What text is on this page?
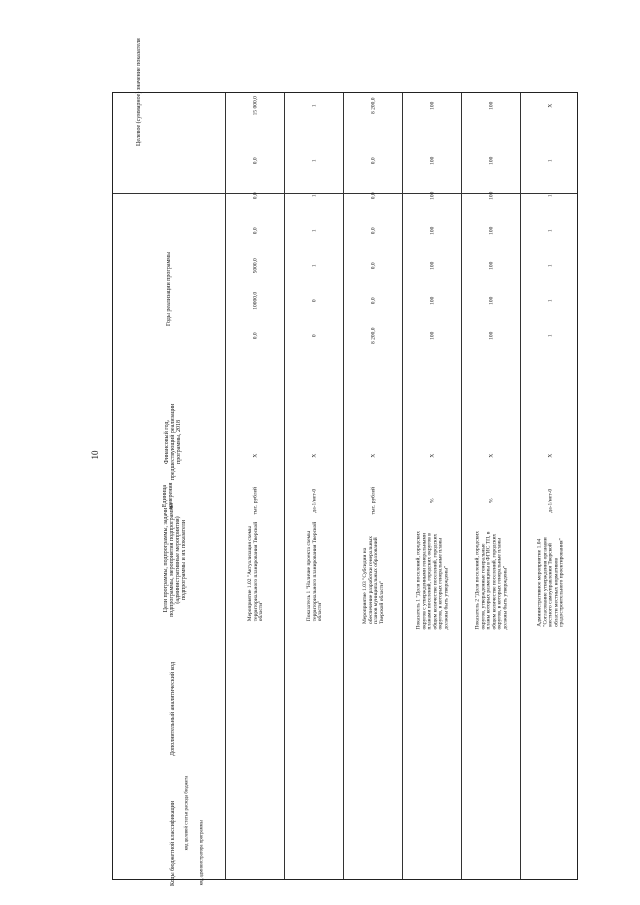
10
Целевое (суммарное) значение показателя
Годы реализации программы
Финансовый год, предшествующий реализации программы, 2018
Единица измерения
Цели программы, подпрограммы, задачи подпрограммы, мероприятия подпрограммы (административные мероприятия) подпрограммы и их показатели
Дополнительный аналитический код
Коды бюджетной классификации	код администратора программы
код целевой статьи расхода бюджета
15 000,0
0,0
10000,0
5000,0
0,0
0,0
0,0
X
тыс. рублей
Мероприятие 1.02 "Актуализация схемы территориального планирования Тверской области"
1
0
0
1
1
1
1
X
да-1/нет-0
Показатель 1 "Наличие проекта схемы территориального планирования Тверской области"
8 200,0
8 200,0
0,0
0,0
0,0
0,0
0,0
X
тыс. рублей
Мероприятие 1.03 "Субсидии на обеспечение разработки генеральных планов муниципальных образований Тверской области"
100
100
100
100
100
100
100
X
%
Показатель 1 "Доля поселений, городских округов с утвержденными генеральными планами поселений, городских округов в общем количестве поселений, городских округов, в которых генеральные планы должны быть утверждены"
100
100
100
100
100
100
100
X
%
Показатель 2 "Доля поселений, городских округов, утвержденные генеральные планы которых размещены в ФГИС ТП, в общем количестве поселений, городских округов, в которых генеральные планы должны быть утверждены"
X
1
1
1
1
1
1
X
да-1/нет-0
Административное мероприятие 1.04 "Согласование утверждения органами местного самоуправления Тверской области местных нормативов градостроительного проектирования"
